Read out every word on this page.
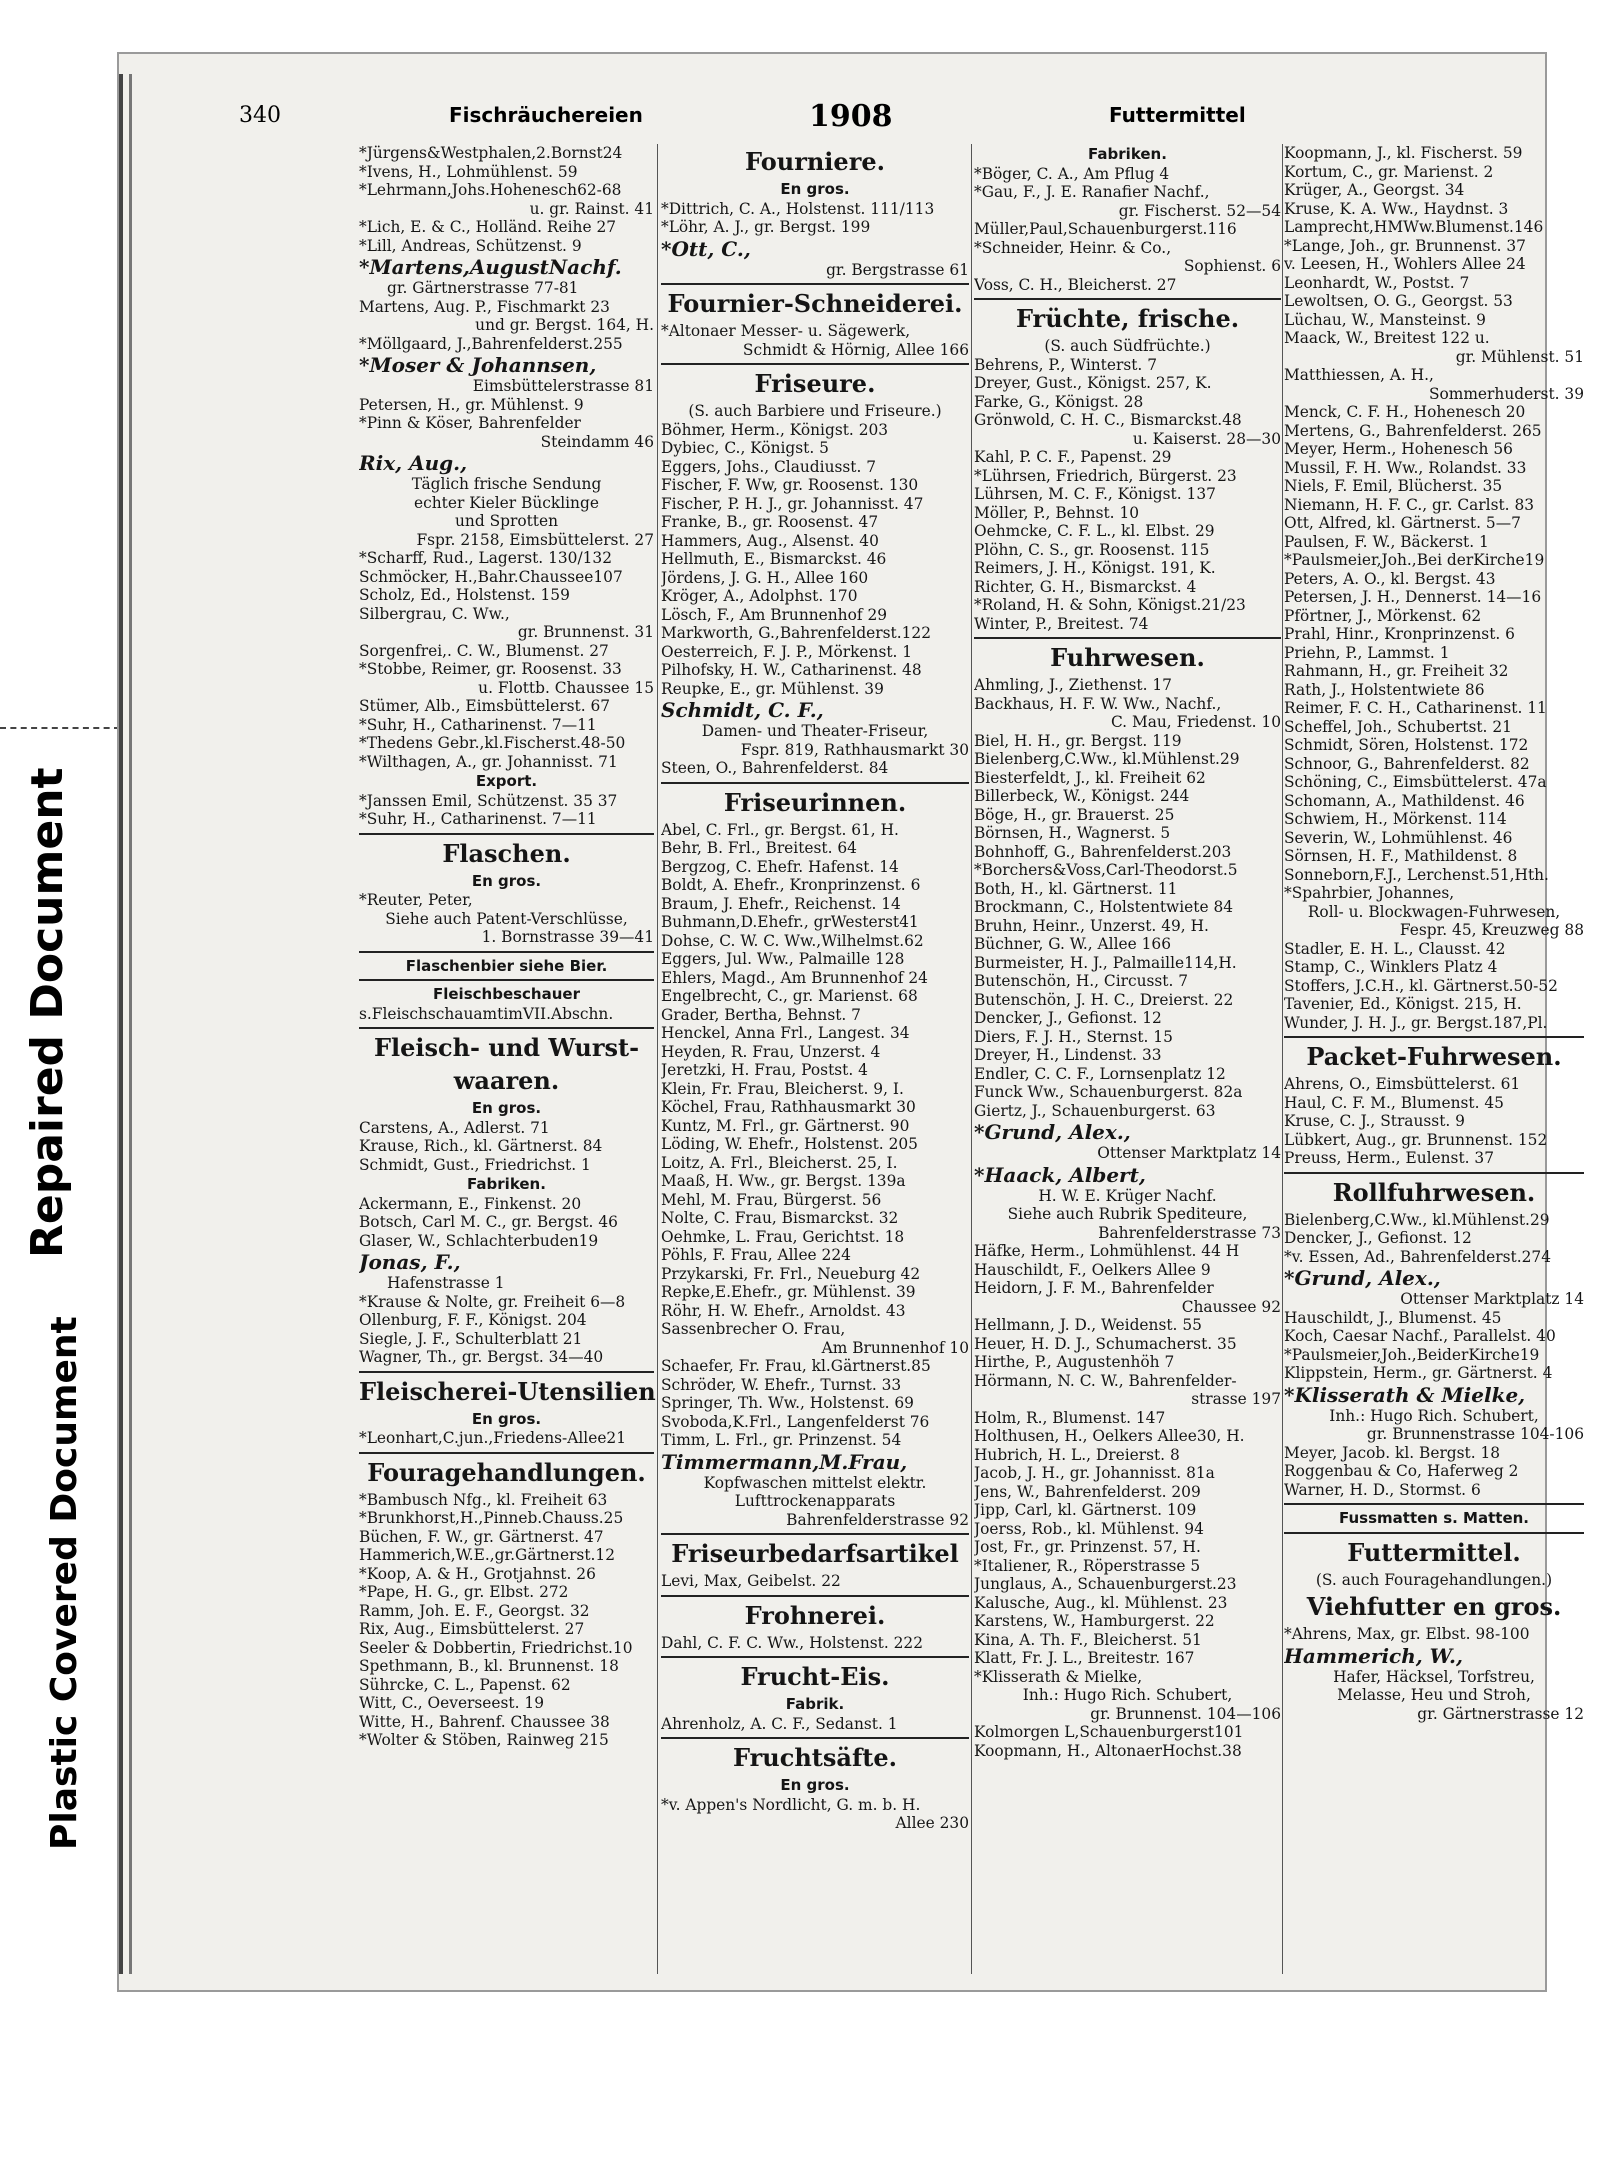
Repaired Document
Plastic Covered Document
340	Fischräuchereien	1908	Futtermittel
*Jürgens&Westphalen,2.Bornst24
*Ivens, H., Lohmühlenst. 59
*Lehrmann,Johs.Hohenesch62-68
u. gr. Rainst. 41
*Lich, E. & C., Holländ. Reihe 27
*Lill, Andreas, Schützenst. 9
*Martens,AugustNachf.
gr. Gärtnerstrasse 77-81
Martens, Aug. P., Fischmarkt 23
und gr. Bergst. 164, H.
*Möllgaard, J.,Bahrenfelderst.255
*Moser & Johannsen,
Eimsbüttelerstrasse 81
Petersen, H., gr. Mühlenst. 9
*Pinn & Köser, Bahrenfelder
Steindamm 46
Rix, Aug.,
Täglich frische Sendung
echter Kieler Bücklinge
und Sprotten
Fspr. 2158, Eimsbüttelerst. 27
*Scharff, Rud., Lagerst. 130/132
Schmöcker, H.,Bahr.Chaussee107
Scholz, Ed., Holstenst. 159
Silbergrau, C. Ww.,
gr. Brunnenst. 31
Sorgenfrei,. C. W., Blumenst. 27
*Stobbe, Reimer, gr. Roosenst. 33
u. Flottb. Chaussee 15
Stümer, Alb., Eimsbüttelerst. 67
*Suhr, H., Catharinenst. 7—11
*Thedens Gebr.,kl.Fischerst.48-50
*Wilthagen, A., gr. Johannisst. 71
Export.
*Janssen Emil, Schützenst. 35 37
*Suhr, H., Catharinenst. 7—11
Flaschen.
En gros.
*Reuter, Peter,
Siehe auch Patent-Verschlüsse,
1. Bornstrasse 39—41
Flaschenbier siehe Bier.
Fleischbeschauer
s.FleischschauamtimVII.Abschn.
Fleisch- und Wurst-
waaren.
En gros.
Carstens, A., Adlerst. 71
Krause, Rich., kl. Gärtnerst. 84
Schmidt, Gust., Friedrichst. 1
Fabriken.
Ackermann, E., Finkenst. 20
Botsch, Carl M. C., gr. Bergst. 46
Glaser, W., Schlachterbuden19
Jonas, F.,
Hafenstrasse 1
*Krause & Nolte, gr. Freiheit 6—8
Ollenburg, F. F., Königst. 204
Siegle, J. F., Schulterblatt 21
Wagner, Th., gr. Bergst. 34—40
Fleischerei-Utensilien
En gros.
*Leonhart,C.jun.,Friedens-Allee21
Fouragehandlungen.
*Bambusch Nfg., kl. Freiheit 63
*Brunkhorst,H.,Pinneb.Chauss.25
Büchen, F. W., gr. Gärtnerst. 47
Hammerich,W.E.,gr.Gärtnerst.12
*Koop, A. & H., Grotjahnst. 26
*Pape, H. G., gr. Elbst. 272
Ramm, Joh. E. F., Georgst. 32
Rix, Aug., Eimsbüttelerst. 27
Seeler & Dobbertin, Friedrichst.10
Spethmann, B., kl. Brunnenst. 18
Sührcke, C. L., Papenst. 62
Witt, C., Oeverseest. 19
Witte, H., Bahrenf. Chaussee 38
*Wolter & Stöben, Rainweg 215
Fourniere.
En gros.
*Dittrich, C. A., Holstenst. 111/113
*Löhr, A. J., gr. Bergst. 199
*Ott, C.,
gr. Bergstrasse 61
Fournier-Schneiderei.
*Altonaer Messer- u. Sägewerk,
Schmidt & Hörnig, Allee 166
Friseure.
(S. auch Barbiere und Friseure.)
Böhmer, Herm., Königst. 203
Dybiec, C., Königst. 5
Eggers, Johs., Claudiusst. 7
Fischer, F. Ww, gr. Roosenst. 130
Fischer, P. H. J., gr. Johannisst. 47
Franke, B., gr. Roosenst. 47
Hammers, Aug., Alsenst. 40
Hellmuth, E., Bismarckst. 46
Jördens, J. G. H., Allee 160
Kröger, A., Adolphst. 170
Lösch, F., Am Brunnenhof 29
Markworth, G.,Bahrenfelderst.122
Oesterreich, F. J. P., Mörkenst. 1
Pilhofsky, H. W., Catharinenst. 48
Reupke, E., gr. Mühlenst. 39
Schmidt, C. F.,
Damen- und Theater-Friseur,
Fspr. 819, Rathhausmarkt 30
Steen, O., Bahrenfelderst. 84
Friseurinnen.
Abel, C. Frl., gr. Bergst. 61, H.
Behr, B. Frl., Breitest. 64
Bergzog, C. Ehefr. Hafenst. 14
Boldt, A. Ehefr., Kronprinzenst. 6
Braum, J. Ehefr., Reichenst. 14
Buhmann,D.Ehefr., grWesterst41
Dohse, C. W. C. Ww.,Wilhelmst.62
Eggers, Jul. Ww., Palmaille 128
Ehlers, Magd., Am Brunnenhof 24
Engelbrecht, C., gr. Marienst. 68
Grader, Bertha, Behnst. 7
Henckel, Anna Frl., Langest. 34
Heyden, R. Frau, Unzerst. 4
Jeretzki, H. Frau, Postst. 4
Klein, Fr. Frau, Bleicherst. 9, I.
Köchel, Frau, Rathhausmarkt 30
Kuntz, M. Frl., gr. Gärtnerst. 90
Löding, W. Ehefr., Holstenst. 205
Loitz, A. Frl., Bleicherst. 25, I.
Maaß, H. Ww., gr. Bergst. 139a
Mehl, M. Frau, Bürgerst. 56
Nolte, C. Frau, Bismarckst. 32
Oehmke, L. Frau, Gerichtst. 18
Pöhls, F. Frau, Allee 224
Przykarski, Fr. Frl., Neueburg 42
Repke,E.Ehefr., gr. Mühlenst. 39
Röhr, H. W. Ehefr., Arnoldst. 43
Sassenbrecher O. Frau,
Am Brunnenhof 10
Schaefer, Fr. Frau, kl.Gärtnerst.85
Schröder, W. Ehefr., Turnst. 33
Springer, Th. Ww., Holstenst. 69
Svoboda,K.Frl., Langenfelderst 76
Timm, L. Frl., gr. Prinzenst. 54
Timmermann,M.Frau,
Kopfwaschen mittelst elektr.
Lufttrockenapparats
Bahrenfelderstrasse 92
Friseurbedarfsartikel
Levi, Max, Geibelst. 22
Frohnerei.
Dahl, C. F. C. Ww., Holstenst. 222
Frucht-Eis.
Fabrik.
Ahrenholz, A. C. F., Sedanst. 1
Fruchtsäfte.
En gros.
*v. Appen's Nordlicht, G. m. b. H.
Allee 230
Fabriken.
*Böger, C. A., Am Pflug 4
*Gau, F., J. E. Ranafier Nachf.,
gr. Fischerst. 52—54
Müller,Paul,Schauenburgerst.116
*Schneider, Heinr. & Co.,
Sophienst. 6
Voss, C. H., Bleicherst. 27
Früchte, frische.
(S. auch Südfrüchte.)
Behrens, P., Winterst. 7
Dreyer, Gust., Königst. 257, K.
Farke, G., Königst. 28
Grönwold, C. H. C., Bismarckst.48
u. Kaiserst. 28—30
Kahl, P. C. F., Papenst. 29
*Lührsen, Friedrich, Bürgerst. 23
Lührsen, M. C. F., Königst. 137
Möller, P., Behnst. 10
Oehmcke, C. F. L., kl. Elbst. 29
Plöhn, C. S., gr. Roosenst. 115
Reimers, J. H., Königst. 191, K.
Richter, G. H., Bismarckst. 4
*Roland, H. & Sohn, Königst.21/23
Winter, P., Breitest. 74
Fuhrwesen.
Ahmling, J., Ziethenst. 17
Backhaus, H. F. W. Ww., Nachf.,
C. Mau, Friedenst. 10
Biel, H. H., gr. Bergst. 119
Bielenberg,C.Ww., kl.Mühlenst.29
Biesterfeldt, J., kl. Freiheit 62
Billerbeck, W., Königst. 244
Böge, H., gr. Brauerst. 25
Börnsen, H., Wagnerst. 5
Bohnhoff, G., Bahrenfelderst.203
*Borchers&Voss,Carl-Theodorst.5
Both, H., kl. Gärtnerst. 11
Brockmann, C., Holstentwiete 84
Bruhn, Heinr., Unzerst. 49, H.
Büchner, G. W., Allee 166
Burmeister, H. J., Palmaille114,H.
Butenschön, H., Circusst. 7
Butenschön, J. H. C., Dreierst. 22
Dencker, J., Gefionst. 12
Diers, F. J. H., Sternst. 15
Dreyer, H., Lindenst. 33
Endler, C. C. F., Lornsenplatz 12
Funck Ww., Schauenburgerst. 82a
Giertz, J., Schauenburgerst. 63
*Grund, Alex.,
Ottenser Marktplatz 14
*Haack, Albert,
H. W. E. Krüger Nachf.
Siehe auch Rubrik Spediteure,
Bahrenfelderstrasse 73
Häfke, Herm., Lohmühlenst. 44 H
Hauschildt, F., Oelkers Allee 9
Heidorn, J. F. M., Bahrenfelder
Chaussee 92
Hellmann, J. D., Weidenst. 55
Heuer, H. D. J., Schumacherst. 35
Hirthe, P., Augustenhöh 7
Hörmann, N. C. W., Bahrenfelder-
strasse 197
Holm, R., Blumenst. 147
Holthusen, H., Oelkers Allee30, H.
Hubrich, H. L., Dreierst. 8
Jacob, J. H., gr. Johannisst. 81a
Jens, W., Bahrenfelderst. 209
Jipp, Carl, kl. Gärtnerst. 109
Joerss, Rob., kl. Mühlenst. 94
Jost, Fr., gr. Prinzenst. 57, H.
*Italiener, R., Röperstrasse 5
Junglaus, A., Schauenburgerst.23
Kalusche, Aug., kl. Mühlenst. 23
Karstens, W., Hamburgerst. 22
Kina, A. Th. F., Bleicherst. 51
Klatt, Fr. J. L., Breitestr. 167
*Klisserath & Mielke,
Inh.: Hugo Rich. Schubert,
gr. Brunnenst. 104—106
Kolmorgen L,Schauenburgerst101
Koopmann, H., AltonaerHochst.38
Koopmann, J., kl. Fischerst. 59
Kortum, C., gr. Marienst. 2
Krüger, A., Georgst. 34
Kruse, K. A. Ww., Haydnst. 3
Lamprecht,HMWw.Blumenst.146
*Lange, Joh., gr. Brunnenst. 37
v. Leesen, H., Wohlers Allee 24
Leonhardt, W., Postst. 7
Lewoltsen, O. G., Georgst. 53
Lüchau, W., Mansteinst. 9
Maack, W., Breitest 122 u.
gr. Mühlenst. 51
Matthiessen, A. H.,
Sommerhuderst. 39
Menck, C. F. H., Hohenesch 20
Mertens, G., Bahrenfelderst. 265
Meyer, Herm., Hohenesch 56
Mussil, F. H. Ww., Rolandst. 33
Niels, F. Emil, Blücherst. 35
Niemann, H. F. C., gr. Carlst. 83
Ott, Alfred, kl. Gärtnerst. 5—7
Paulsen, F. W., Bäckerst. 1
*Paulsmeier,Joh.,Bei derKirche19
Peters, A. O., kl. Bergst. 43
Petersen, J. H., Dennerst. 14—16
Pförtner, J., Mörkenst. 62
Prahl, Hinr., Kronprinzenst. 6
Priehn, P., Lammst. 1
Rahmann, H., gr. Freiheit 32
Rath, J., Holstentwiete 86
Reimer, F. C. H., Catharinenst. 11
Scheffel, Joh., Schubertst. 21
Schmidt, Sören, Holstenst. 172
Schnoor, G., Bahrenfelderst. 82
Schöning, C., Eimsbüttelerst. 47a
Schomann, A., Mathildenst. 46
Schwiem, H., Mörkenst. 114
Severin, W., Lohmühlenst. 46
Sörnsen, H. F., Mathildenst. 8
Sonneborn,F.J., Lerchenst.51,Hth.
*Spahrbier, Johannes,
Roll- u. Blockwagen-Fuhrwesen,
Fespr. 45, Kreuzweg 88
Stadler, E. H. L., Clausst. 42
Stamp, C., Winklers Platz 4
Stoffers, J.C.H., kl. Gärtnerst.50-52
Tavenier, Ed., Königst. 215, H.
Wunder, J. H. J., gr. Bergst.187,Pl.
Packet-Fuhrwesen.
Ahrens, O., Eimsbüttelerst. 61
Haul, C. F. M., Blumenst. 45
Kruse, C. J., Strausst. 9
Lübkert, Aug., gr. Brunnenst. 152
Preuss, Herm., Eulenst. 37
Rollfuhrwesen.
Bielenberg,C.Ww., kl.Mühlenst.29
Dencker, J., Gefionst. 12
*v. Essen, Ad., Bahrenfelderst.274
*Grund, Alex.,
Ottenser Marktplatz 14
Hauschildt, J., Blumenst. 45
Koch, Caesar Nachf., Parallelst. 40
*Paulsmeier,Joh.,BeiderKirche19
Klippstein, Herm., gr. Gärtnerst. 4
*Klisserath & Mielke,
Inh.: Hugo Rich. Schubert,
gr. Brunnenstrasse 104-106
Meyer, Jacob. kl. Bergst. 18
Roggenbau & Co, Haferweg 2
Warner, H. D., Stormst. 6
Fussmatten s. Matten.
Futtermittel.
(S. auch Fouragehandlungen.)
Viehfutter en gros.
*Ahrens, Max, gr. Elbst. 98-100
Hammerich, W.,
Hafer, Häcksel, Torfstreu,
Melasse, Heu und Stroh,
gr. Gärtnerstrasse 12
